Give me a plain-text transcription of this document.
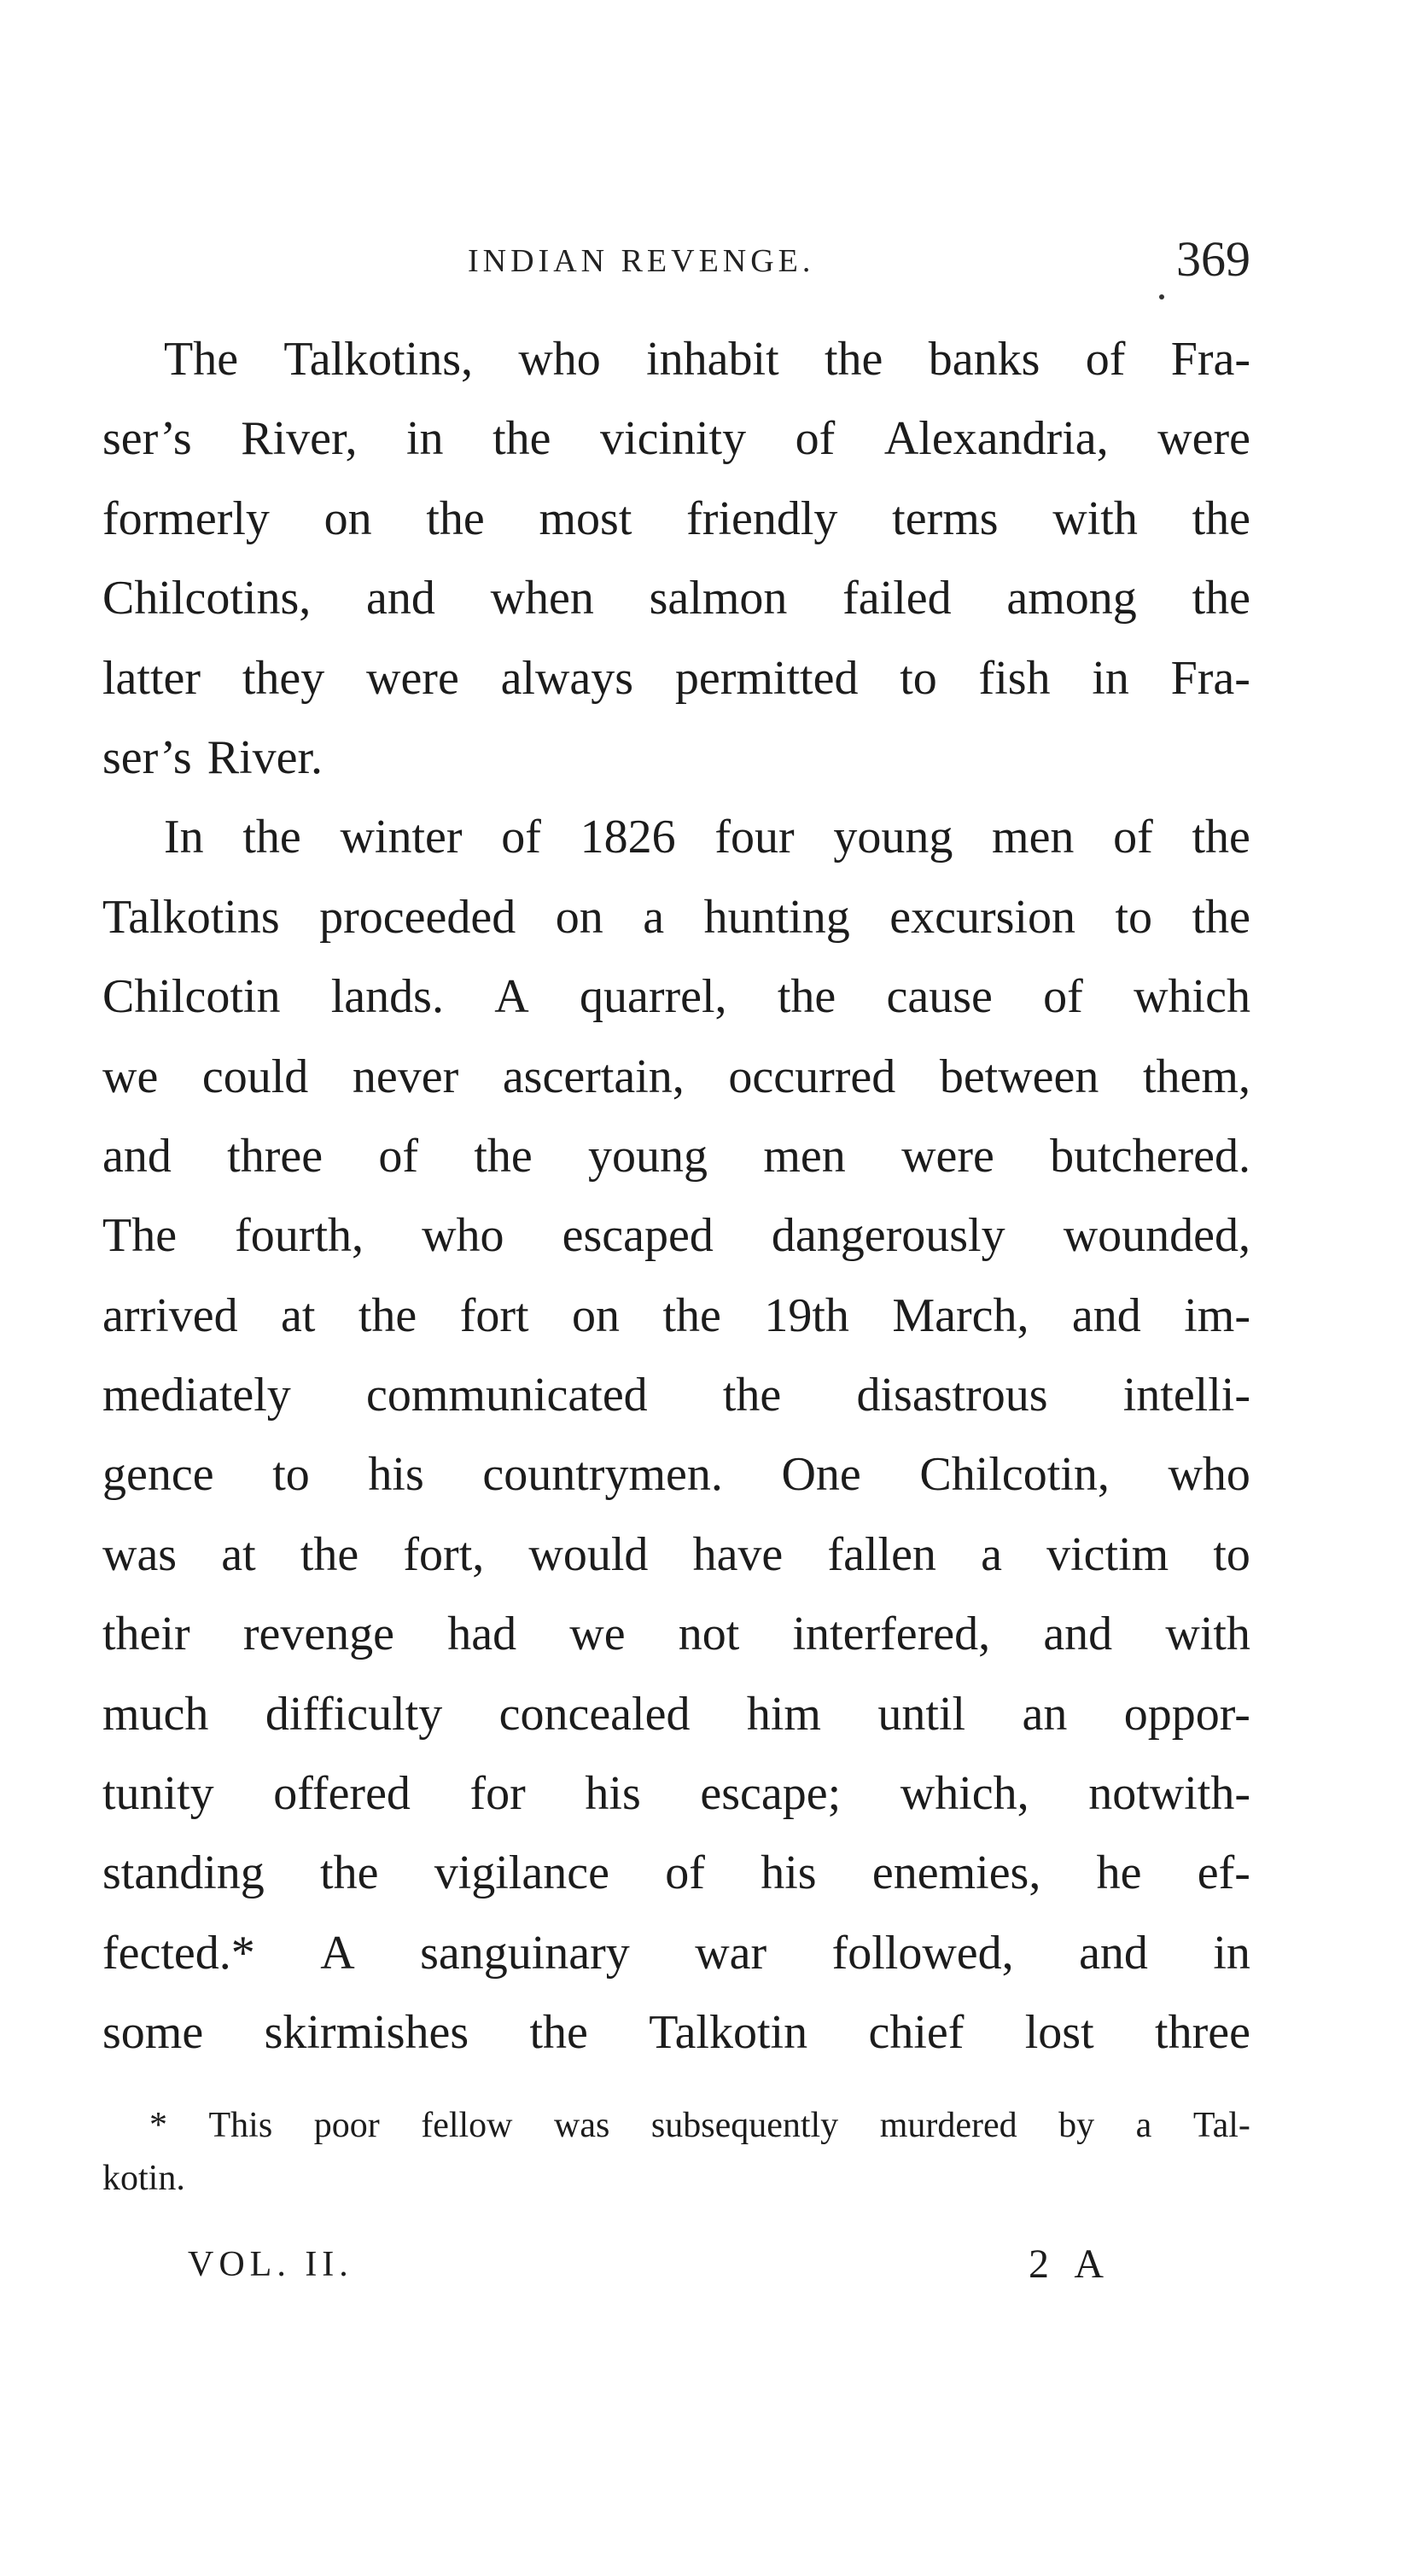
INDIAN REVENGE.	369
The Talkotins, who inhabit the banks of Fra-
ser’s River, in the vicinity of Alexandria, were
formerly on the most friendly terms with the
Chilcotins, and when salmon failed among the
latter they were always permitted to fish in Fra-
ser’s River.
In the winter of 1826 four young men of the
Talkotins proceeded on a hunting excursion to the
Chilcotin lands. A quarrel, the cause of which
we could never ascertain, occurred between them,
and three of the young men were butchered.
The fourth, who escaped dangerously wounded,
arrived at the fort on the 19th March, and im-
mediately communicated the disastrous intelli-
gence to his countrymen. One Chilcotin, who
was at the fort, would have fallen a victim to
their revenge had we not interfered, and with
much difficulty concealed him until an oppor-
tunity offered for his escape; which, notwith-
standing the vigilance of his enemies, he ef-
fected.* A sanguinary war followed, and in
some skirmishes the Talkotin chief lost three
* This poor fellow was subsequently murdered by a Tal-
kotin.
VOL. II.	2 A
